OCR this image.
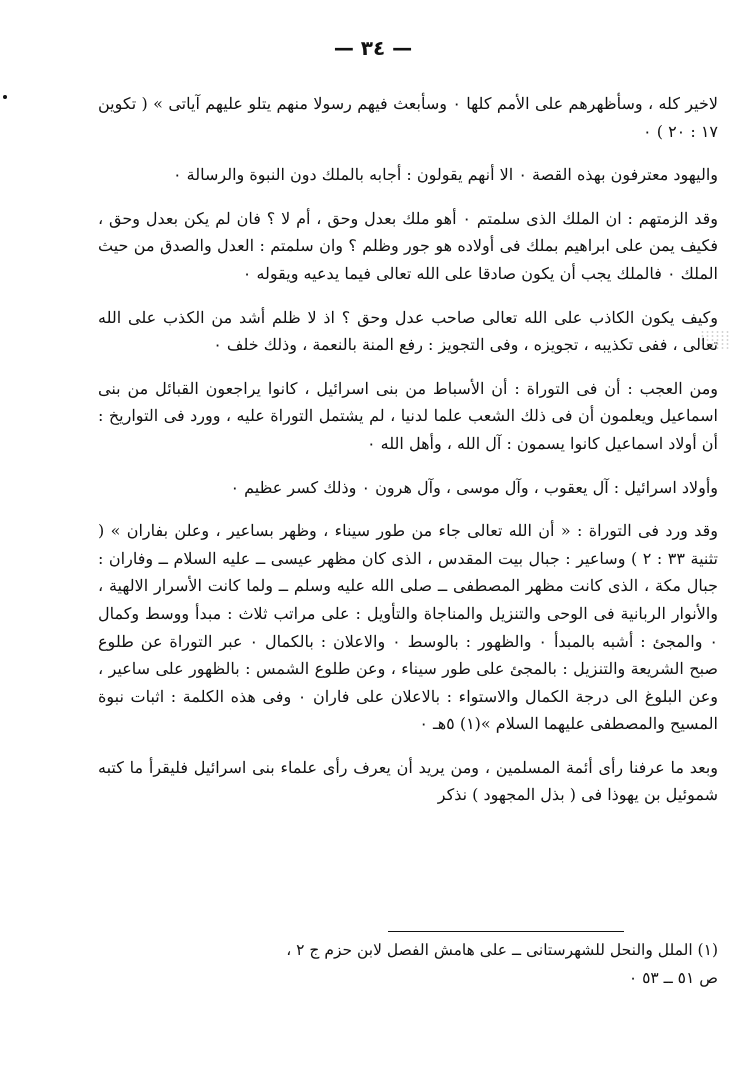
— ٣٤ —

لاخير كله ، وسأظهرهم على الأمم كلها ٠ وسأبعث فيهم رسولا منهم يتلو عليهم آياتى » ( تكوين ١٧ : ٢٠ ) ٠

واليهود معترفون بهذه القصة ٠ الا أنهم يقولون : أجابه بالملك دون النبوة والرسالة ٠

وقد الزمتهم : ان الملك الذى سلمتم ٠ أهو ملك بعدل وحق ، أم لا ؟ فان لم يكن بعدل وحق ، فكيف يمن على ابراهيم بملك فى أولاده هو جور وظلم ؟ وان سلمتم : العدل والصدق من حيث الملك ٠ فالملك يجب أن يكون صادقا على الله تعالى فيما يدعيه ويقوله ٠

وكيف يكون الكاذب على الله تعالى صاحب عدل وحق ؟ اذ لا ظلم أشد من الكذب على الله تعالى ، ففى تكذيبه ، تجويزه ، وفى التجويز : رفع المنة بالنعمة ، وذلك خلف ٠

ومن العجب : أن فى التوراة : أن الأسباط من بنى اسرائيل ، كانوا يراجعون القبائل من بنى اسماعيل ويعلمون أن فى ذلك الشعب علما لدنيا ، لم يشتمل التوراة عليه ، وورد فى التواريخ : أن أولاد اسماعيل كانوا يسمون : آل الله ، وأهل الله ٠

وأولاد اسرائيل : آل يعقوب ، وآل موسى ، وآل هرون ٠ وذلك كسر عظيم ٠

وقد ورد فى التوراة : « أن الله تعالى جاء من طور سيناء ، وظهر بساعير ، وعلن بفاران » ( تثنية ٣٣ : ٢ ) وساعير : جبال بيت المقدس ، الذى كان مظهر عيسى ــ عليه السلام ــ وفاران : جبال مكة ، الذى كانت مظهر المصطفى ــ صلى الله عليه وسلم ــ ولما كانت الأسرار الالهية ، والأنوار الربانية فى الوحى والتنزيل والمناجاة والتأويل : على مراتب ثلاث : مبدأ ووسط وكمال ٠ والمجئ : أشبه بالمبدأ ٠ والظهور : بالوسط ٠ والاعلان : بالكمال ٠ عبر التوراة عن طلوع صبح الشريعة والتنزيل : بالمجئ على طور سيناء ، وعن طلوع الشمس : بالظهور على ساعير ، وعن البلوغ الى درجة الكمال والاستواء : بالاعلان على فاران ٠ وفى هذه الكلمة : اثبات نبوة المسيح والمصطفى عليهما السلام »(١) ٥هـ ٠

وبعد ما عرفنا رأى أئمة المسلمين ، ومن يريد أن يعرف رأى علماء بنى اسرائيل فليقرأ ما كتبه شموئيل بن يهوذا فى ( بذل المجهود ) نذكر

(١) الملل والنحل للشهرستانى ــ على هامش الفصل لابن حزم ج ٢ ،
ص ٥١ ــ ٥٣ ٠
